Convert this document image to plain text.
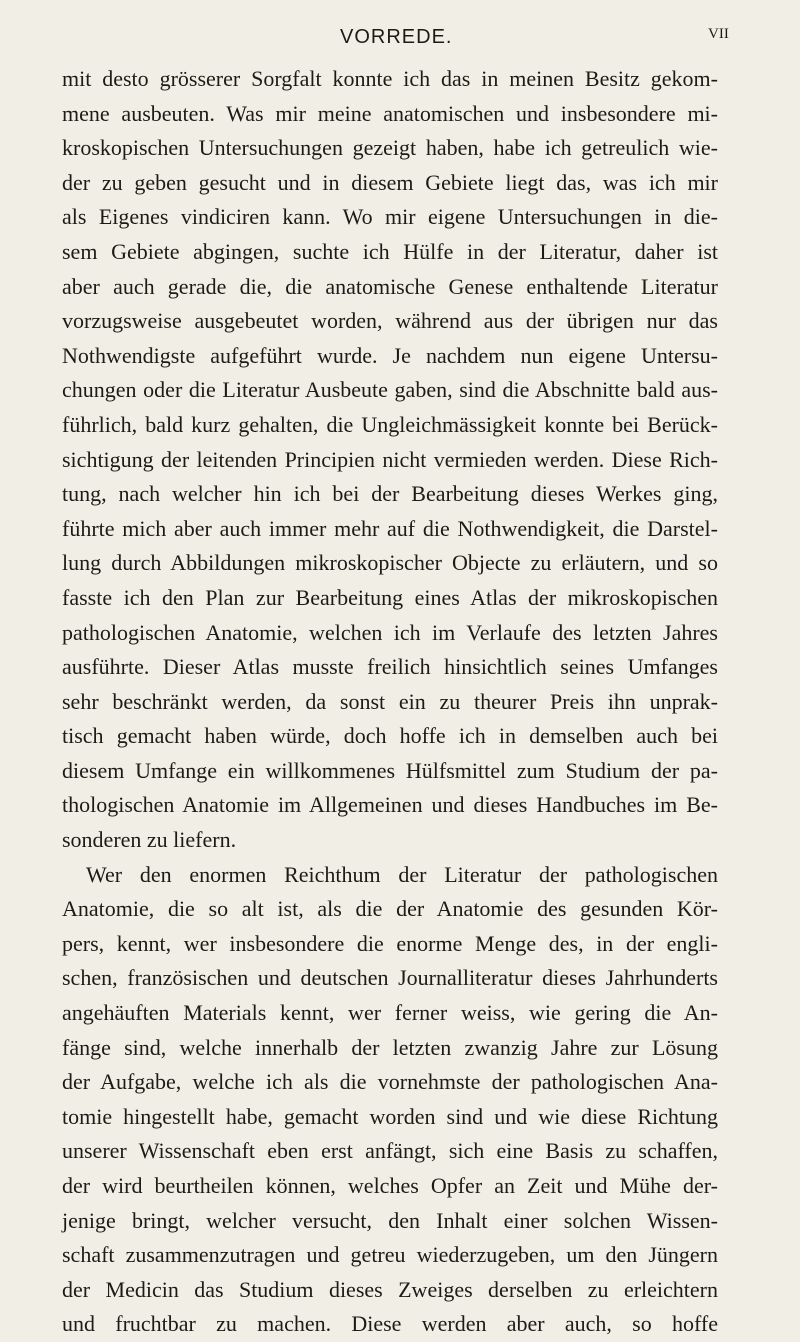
VORREDE.	VII
mit desto grösserer Sorgfalt konnte ich das in meinen Besitz gekom-
mene ausbeuten. Was mir meine anatomischen und insbesondere mi-
kroskopischen Untersuchungen gezeigt haben, habe ich getreulich wie-
der zu geben gesucht und in diesem Gebiete liegt das, was ich mir
als Eigenes vindiciren kann. Wo mir eigene Untersuchungen in die-
sem Gebiete abgingen, suchte ich Hülfe in der Literatur, daher ist
aber auch gerade die, die anatomische Genese enthaltende Literatur
vorzugsweise ausgebeutet worden, während aus der übrigen nur das
Nothwendigste aufgeführt wurde. Je nachdem nun eigene Untersu-
chungen oder die Literatur Ausbeute gaben, sind die Abschnitte bald aus-
führlich, bald kurz gehalten, die Ungleichmässigkeit konnte bei Berück-
sichtigung der leitenden Principien nicht vermieden werden. Diese Rich-
tung, nach welcher hin ich bei der Bearbeitung dieses Werkes ging,
führte mich aber auch immer mehr auf die Nothwendigkeit, die Darstel-
lung durch Abbildungen mikroskopischer Objecte zu erläutern, und so
fasste ich den Plan zur Bearbeitung eines Atlas der mikroskopischen
pathologischen Anatomie, welchen ich im Verlaufe des letzten Jahres
ausführte. Dieser Atlas musste freilich hinsichtlich seines Umfanges
sehr beschränkt werden, da sonst ein zu theurer Preis ihn unprak-
tisch gemacht haben würde, doch hoffe ich in demselben auch bei
diesem Umfange ein willkommenes Hülfsmittel zum Studium der pa-
thologischen Anatomie im Allgemeinen und dieses Handbuches im Be-
sonderen zu liefern.
Wer den enormen Reichthum der Literatur der pathologischen
Anatomie, die so alt ist, als die der Anatomie des gesunden Kör-
pers, kennt, wer insbesondere die enorme Menge des, in der engli-
schen, französischen und deutschen Journalliteratur dieses Jahrhunderts
angehäuften Materials kennt, wer ferner weiss, wie gering die An-
fänge sind, welche innerhalb der letzten zwanzig Jahre zur Lösung
der Aufgabe, welche ich als die vornehmste der pathologischen Ana-
tomie hingestellt habe, gemacht worden sind und wie diese Richtung
unserer Wissenschaft eben erst anfängt, sich eine Basis zu schaffen,
der wird beurtheilen können, welches Opfer an Zeit und Mühe der-
jenige bringt, welcher versucht, den Inhalt einer solchen Wissen-
schaft zusammenzutragen und getreu wiederzugeben, um den Jüngern
der Medicin das Studium dieses Zweiges derselben zu erleichtern
und fruchtbar zu machen. Diese werden aber auch, so hoffe
